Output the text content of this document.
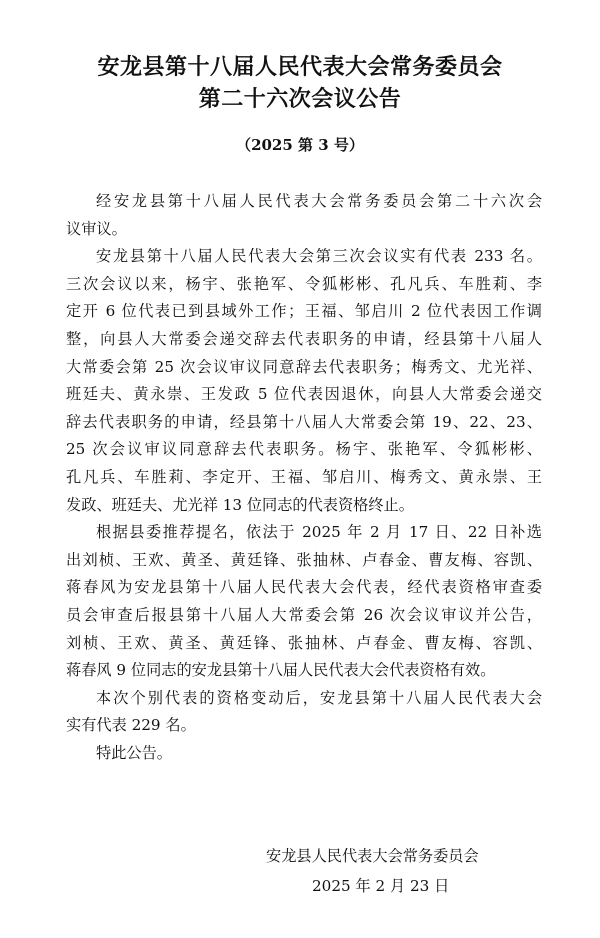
安龙县第十八届人民代表大会常务委员会
第二十六次会议公告
（2025 第 3 号）
经安龙县第十八届人民代表大会常务委员会第二十六次会
议审议。
安龙县第十八届人民代表大会第三次会议实有代表 233 名。
三次会议以来，杨宇、张艳军、令狐彬彬、孔凡兵、车胜莉、李
定开 6 位代表已到县域外工作；王福、邹启川 2 位代表因工作调
整，向县人大常委会递交辞去代表职务的申请，经县第十八届人
大常委会第 25 次会议审议同意辞去代表职务；梅秀文、尤光祥、
班廷夫、黄永崇、王发政 5 位代表因退休，向县人大常委会递交
辞去代表职务的申请，经县第十八届人大常委会第 19、22、23、
25 次会议审议同意辞去代表职务。杨宇、张艳军、令狐彬彬、
孔凡兵、车胜莉、李定开、王福、邹启川、梅秀文、黄永崇、王
发政、班廷夫、尤光祥 13 位同志的代表资格终止。
根据县委推荐提名，依法于 2025 年 2 月 17 日、22 日补选
出刘桢、王欢、黄圣、黄廷锋、张抽林、卢春金、曹友梅、容凯、
蒋春风为安龙县第十八届人民代表大会代表，经代表资格审查委
员会审查后报县第十八届人大常委会第 26 次会议审议并公告，
刘桢、王欢、黄圣、黄廷锋、张抽林、卢春金、曹友梅、容凯、
蒋春风 9 位同志的安龙县第十八届人民代表大会代表资格有效。
本次个别代表的资格变动后，安龙县第十八届人民代表大会
实有代表 229 名。
特此公告。
安龙县人民代表大会常务委员会
2025 年 2 月 23 日
